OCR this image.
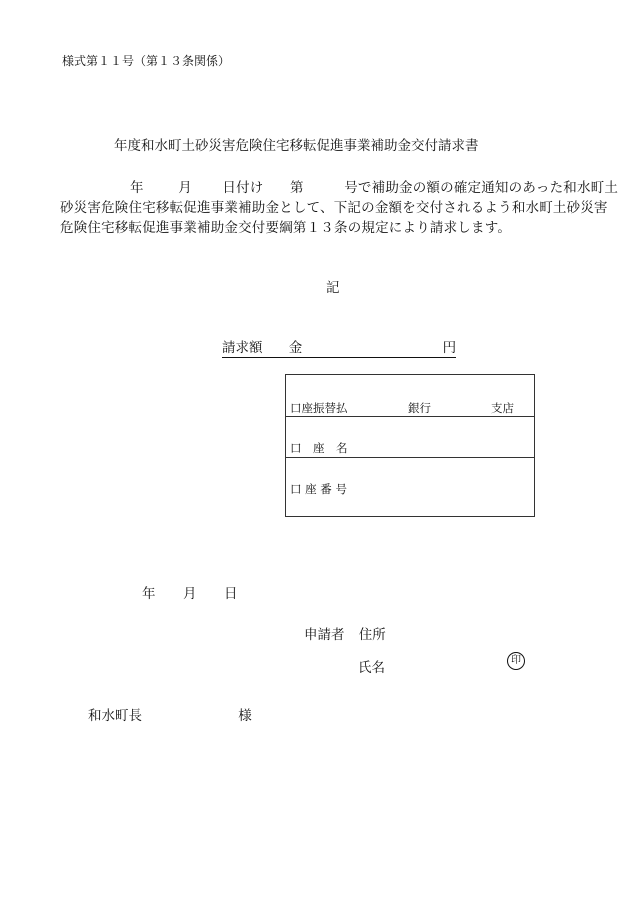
様式第１１号（第１３条関係）
年度和水町土砂災害危険住宅移転促進事業補助金交付請求書
年	月 日付け 第	号で補助金の額の確定通知のあった和水町土
砂災害危険住宅移転促進事業補助金として、下記の金額を交付されるよう和水町土砂災害
危険住宅移転促進事業補助金交付要綱第１３条の規定により請求します。
記
請求額 金	円
口座振替払	銀行	支店
口　座　名
口 座 番 号
年 月 日
申請者 住所
氏名	印
和水町長	様
